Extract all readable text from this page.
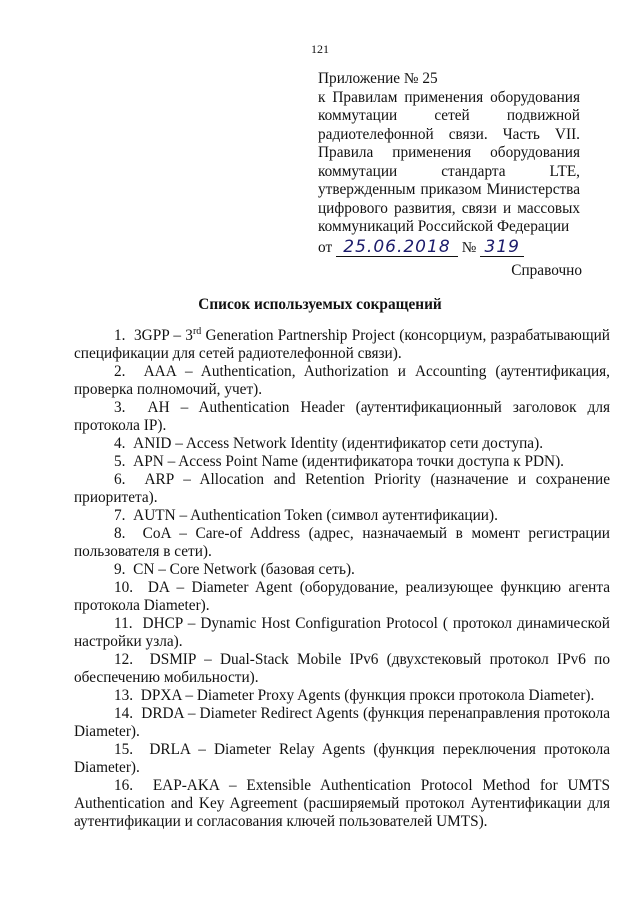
121
Приложение № 25
к Правилам применения оборудования коммутации сетей подвижной радиотелефонной связи. Часть VII. Правила применения оборудования коммутации стандарта LTE, утвержденным приказом Министерства цифрового развития, связи и массовых коммуникаций Российской Федерации
от 25.06.2018 № 319
Справочно
Список используемых сокращений

1. 3GPP – 3rd Generation Partnership Project (консорциум, разрабатывающий спецификации для сетей радиотелефонной связи).

2. AAA – Authentication, Authorization и Accounting (аутентификация, проверка полномочий, учет).

3. AH – Authentication Header (аутентификационный заголовок для протокола IP).

4. ANID – Access Network Identity (идентификатор сети доступа).

5. APN – Access Point Name (идентификатора точки доступа к PDN).

6. ARP – Allocation and Retention Priority (назначение и сохранение приоритета).

7. AUTN – Authentication Token (символ аутентификации).

8. CoA – Care-of Address (адрес, назначаемый в момент регистрации пользователя в сети).

9. CN – Core Network (базовая сеть).

10. DA – Diameter Agent (оборудование, реализующее функцию агента протокола Diameter).

11. DHCP – Dynamic Host Configuration Protocol ( протокол динамической настройки узла).

12. DSMIP – Dual-Stack Mobile IPv6 (двухстековый протокол IPv6 по обеспечению мобильности).

13. DPXA – Diameter Proxy Agents (функция прокси протокола Diameter).

14. DRDA – Diameter Redirect Agents (функция перенаправления протокола Diameter).

15. DRLA – Diameter Relay Agents (функция переключения протокола Diameter).

16. EAP-AKA – Extensible Authentication Protocol Method for UMTS Authentication and Key Agreement (расширяемый протокол Аутентификации для аутентификации и согласования ключей пользователей UMTS).
